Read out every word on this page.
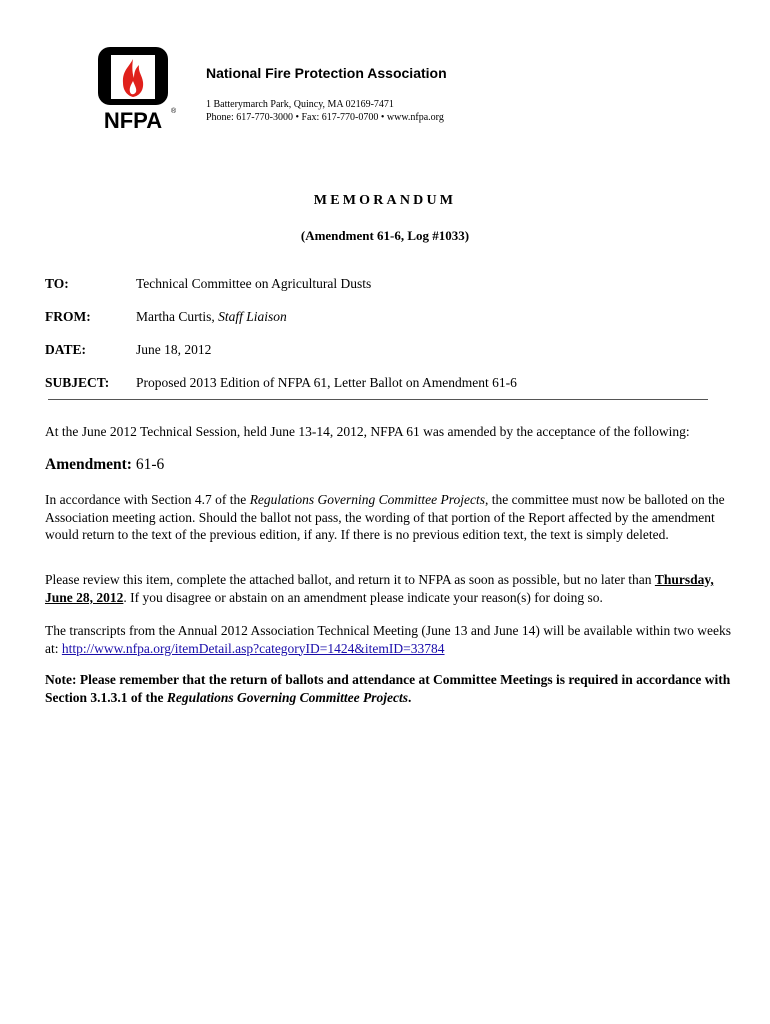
NFPA ®
National Fire Protection Association
1 Batterymarch Park, Quincy, MA 02169-7471
Phone: 617-770-3000 • Fax: 617-770-0700 • www.nfpa.org
MEMORANDUM
(Amendment 61-6, Log #1033)
TO:	Technical Committee on Agricultural Dusts
FROM:	Martha Curtis, Staff Liaison
DATE:	June 18, 2012
SUBJECT: Proposed 2013 Edition of NFPA 61, Letter Ballot on Amendment 61-6
At the June 2012 Technical Session, held June 13-14, 2012, NFPA 61 was amended by the acceptance of the following:
Amendment: 61-6
In accordance with Section 4.7 of the Regulations Governing Committee Projects, the committee must now be balloted on the Association meeting action. Should the ballot not pass, the wording of that portion of the Report affected by the amendment would return to the text of the previous edition, if any. If there is no previous edition text, the text is simply deleted.
Please review this item, complete the attached ballot, and return it to NFPA as soon as possible, but no later than Thursday, June 28, 2012. If you disagree or abstain on an amendment please indicate your reason(s) for doing so.
The transcripts from the Annual 2012 Association Technical Meeting (June 13 and June 14) will be available within two weeks at: http://www.nfpa.org/itemDetail.asp?categoryID=1424&itemID=33784
Note: Please remember that the return of ballots and attendance at Committee Meetings is required in accordance with Section 3.1.3.1 of the Regulations Governing Committee Projects.
